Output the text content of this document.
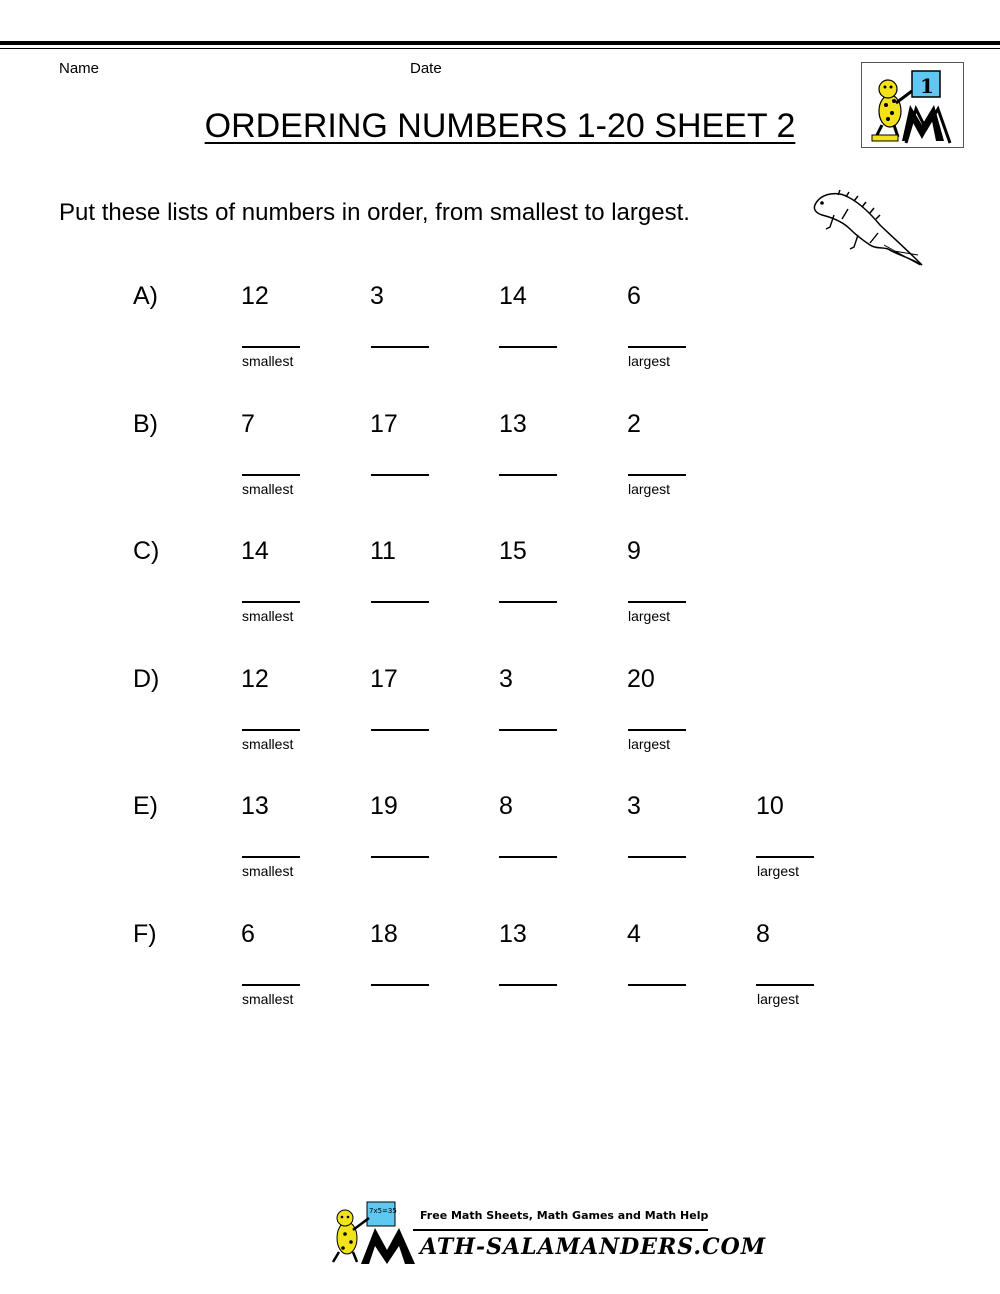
Name	Date
ORDERING NUMBERS 1-20 SHEET 2
1
Put these lists of numbers in order, from smallest to largest.
A)	12	3	14	6
smallest	largest
B)	7	17	13	2
smallest	largest
C)	14	11	15	9
smallest	largest
D)	12	17	3	20
smallest	largest
E)	13	19	8	3	10
smallest	largest
F)	6	18	13	4	8
smallest	largest
7x5=35 Free Math Sheets, Math Games and Math Help
ATH-SALAMANDERS.COM
